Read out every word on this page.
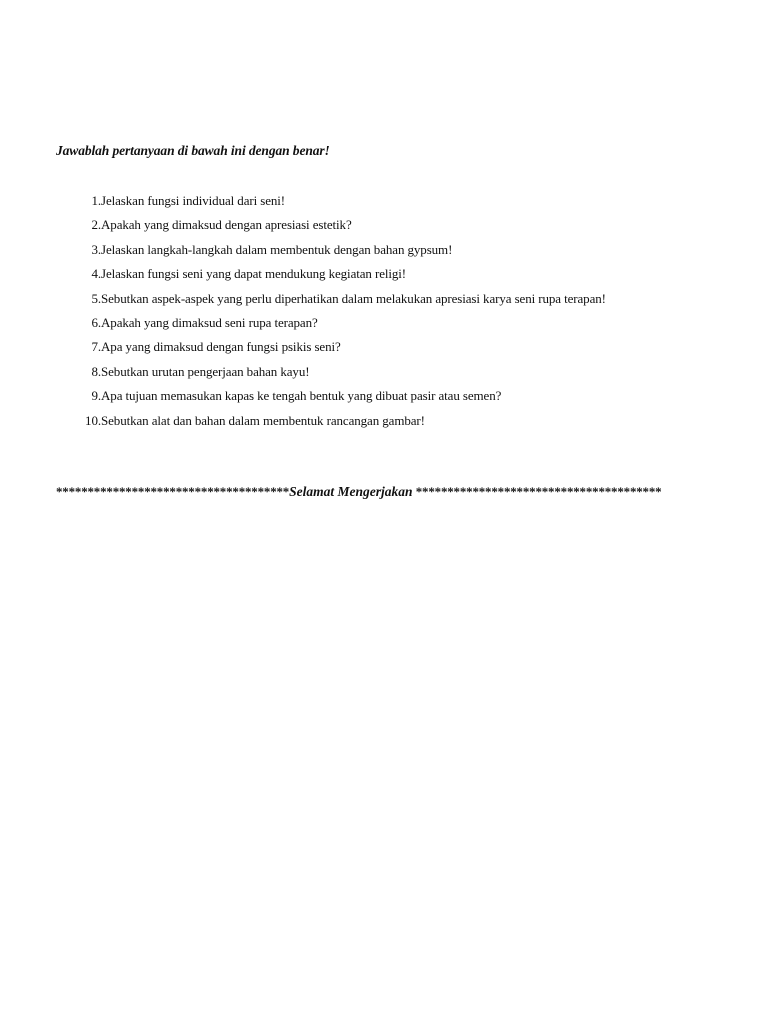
Jawablah pertanyaan di bawah ini dengan benar!
1.Jelaskan fungsi individual dari seni!
2.Apakah yang dimaksud dengan apresiasi estetik?
3.Jelaskan langkah-langkah dalam membentuk dengan bahan gypsum!
4.Jelaskan fungsi seni yang dapat mendukung kegiatan religi!
5.Sebutkan aspek-aspek yang perlu diperhatikan dalam melakukan apresiasi karya seni rupa terapan!
6.Apakah yang dimaksud seni rupa terapan?
7.Apa yang dimaksud dengan fungsi psikis seni?
8.Sebutkan urutan pengerjaan bahan kayu!
9.Apa tujuan memasukan kapas ke tengah bentuk yang dibuat pasir atau semen?
10.Sebutkan alat dan bahan dalam membentuk rancangan gambar!
*************************************Selamat Mengerjakan ***************************************
